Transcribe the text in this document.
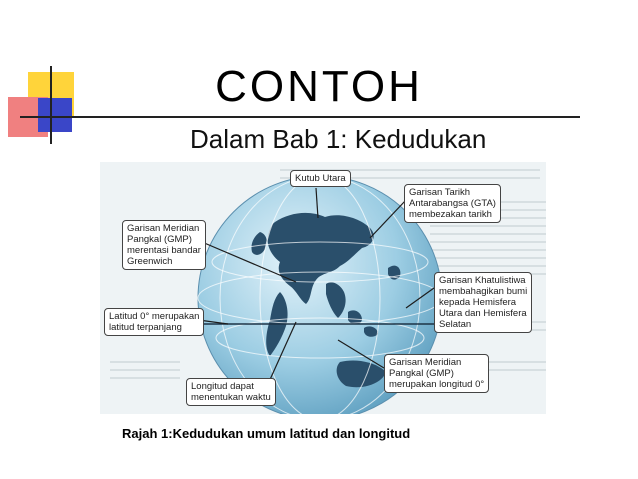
CONTOH
Dalam Bab 1: Kedudukan
Kutub Utara
Garisan Tarikh
Antarabangsa (GTA)
membezakan tarikh
Garisan Meridian
Pangkal (GMP)
merentasi bandar
Greenwich
Garisan Khatulistiwa
membahagikan bumi
kepada Hemisfera
Utara dan Hemisfera
Selatan
Latitud 0° merupakan
latitud terpanjang
Garisan Meridian
Pangkal (GMP)
merupakan longitud 0°
Longitud dapat
menentukan waktu
Rajah 1:Kedudukan umum latitud dan longitud
